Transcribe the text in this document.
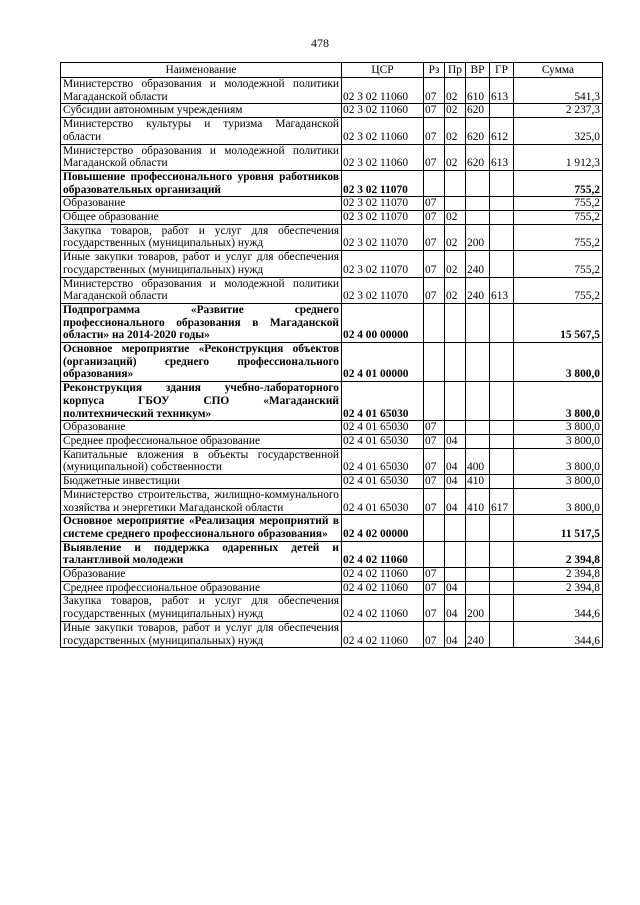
478
Наименование	ЦСР	Рз	Пр	ВР	ГР	Сумма
Министерство образования и молодежной политики Магаданской области	02 3 02 11060	07	02	610	613	541,3
Субсидии автономным учреждениям	02 3 02 11060	07	02	620		2 237,3
Министерство культуры и туризма Магаданской области	02 3 02 11060	07	02	620	612	325,0
Министерство образования и молодежной политики Магаданской области	02 3 02 11060	07	02	620	613	1 912,3
Повышение профессионального уровня работников образовательных организаций	02 3 02 11070					755,2
Образование	02 3 02 11070	07				755,2
Общее образование	02 3 02 11070	07	02			755,2
Закупка товаров, работ и услуг для обеспечения государственных (муниципальных) нужд	02 3 02 11070	07	02	200		755,2
Иные закупки товаров, работ и услуг для обеспечения государственных (муниципальных) нужд	02 3 02 11070	07	02	240		755,2
Министерство образования и молодежной политики Магаданской области	02 3 02 11070	07	02	240	613	755,2
Подпрограмма «Развитие среднего профессионального образования в Магаданской области» на 2014-2020 годы»	02 4 00 00000					15 567,5
Основное мероприятие «Реконструкция объектов (организаций) среднего профессионального образования»	02 4 01 00000					3 800,0
Реконструкция здания учебно-лабораторного корпуса ГБОУ СПО «Магаданский политехнический техникум»	02 4 01 65030					3 800,0
Образование	02 4 01 65030	07				3 800,0
Среднее профессиональное образование	02 4 01 65030	07	04			3 800,0
Капитальные вложения в объекты государственной (муниципальной) собственности	02 4 01 65030	07	04	400		3 800,0
Бюджетные инвестиции	02 4 01 65030	07	04	410		3 800,0
Министерство строительства, жилищно-коммунального хозяйства и энергетики Магаданской области	02 4 01 65030	07	04	410	617	3 800,0
Основное мероприятие «Реализация мероприятий в системе среднего профессионального образования»	02 4 02 00000					11 517,5
Выявление и поддержка одаренных детей и талантливой молодежи	02 4 02 11060					2 394,8
Образование	02 4 02 11060	07				2 394,8
Среднее профессиональное образование	02 4 02 11060	07	04			2 394,8
Закупка товаров, работ и услуг для обеспечения государственных (муниципальных) нужд	02 4 02 11060	07	04	200		344,6
Иные закупки товаров, работ и услуг для обеспечения государственных (муниципальных) нужд	02 4 02 11060	07	04	240		344,6
